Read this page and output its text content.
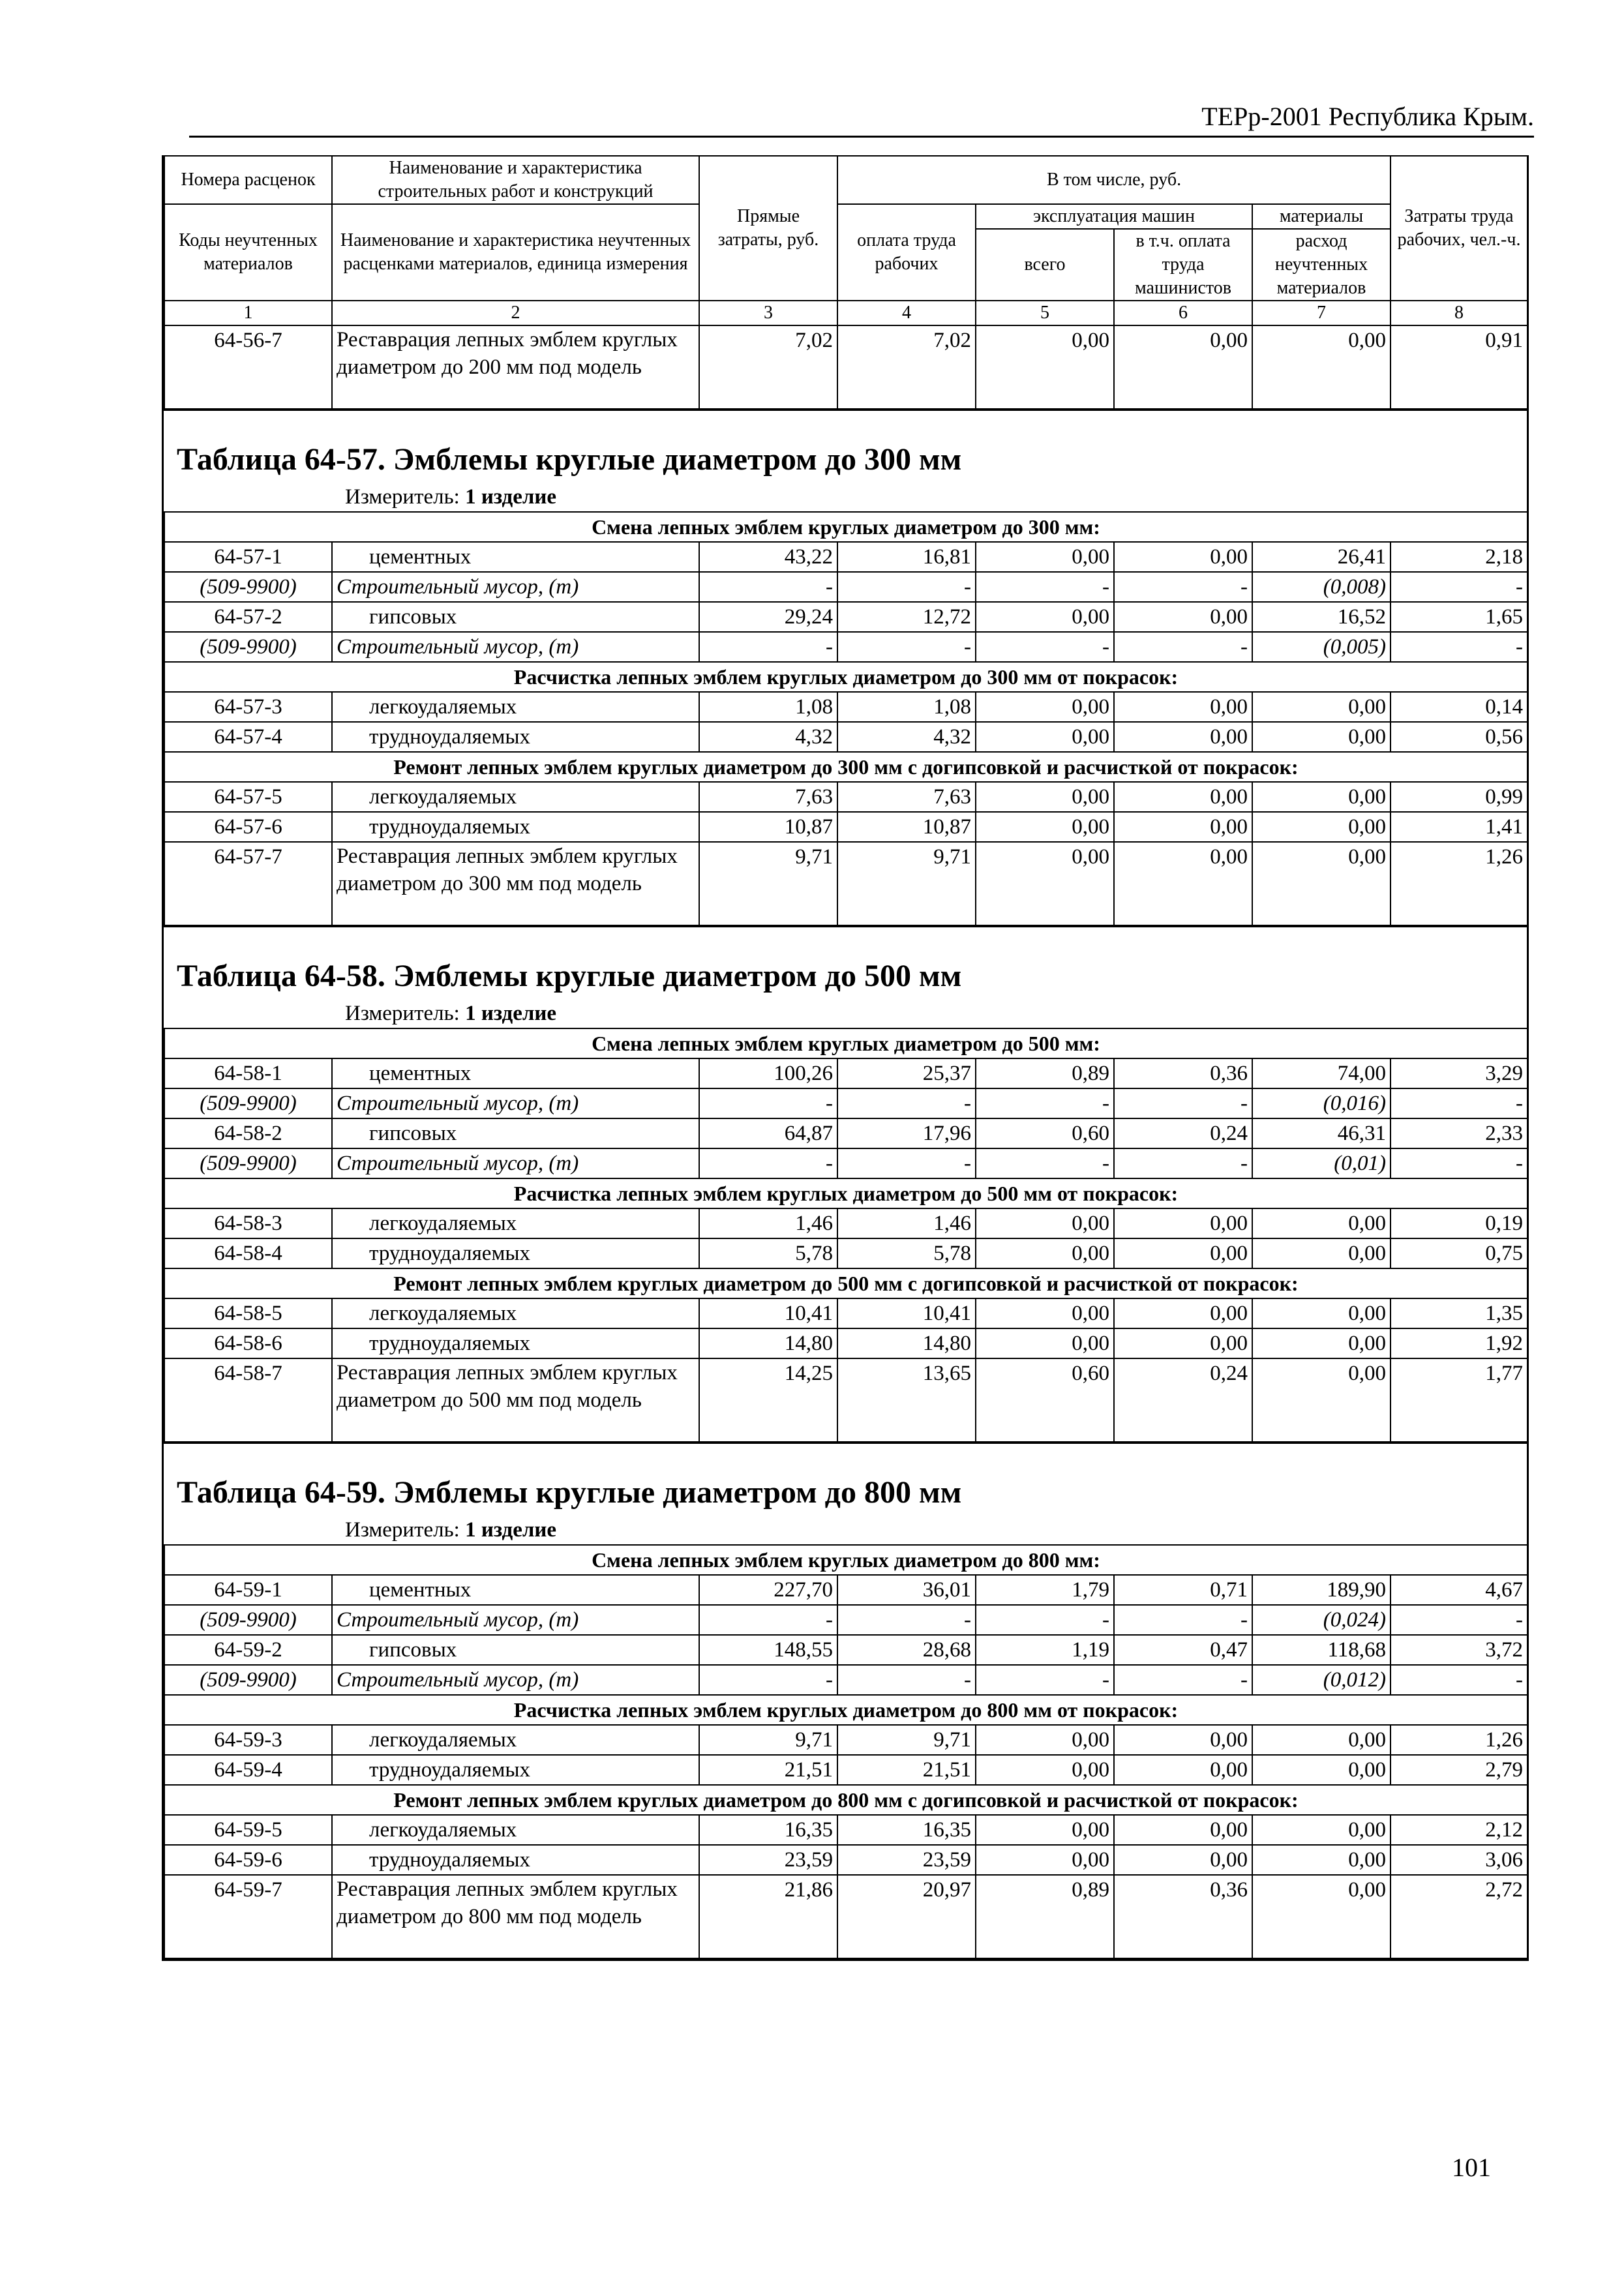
ТЕРр-2001 Республика Крым.
Номера расценок	Наименование и характеристика строительных работ и конструкций	Прямые затраты, руб.	В том числе, руб.				Затраты труда рабочих, чел.-ч.
Коды неучтенных материалов	Наименование и характеристика неучтенных расценками материалов, единица измерения		оплата труда рабочих	эксплуатация машин		материалы	
				всего	в т.ч. оплата труда машинистов	расход неучтенных материалов	
1	2	3	4	5	6	7	8
64-56-7	Реставрация лепных эмблем круглых диаметром до 200 мм под модель	7,02	7,02	0,00	0,00	0,00	0,91
Таблица 64-57. Эмблемы круглые диаметром до 300 мм
Измеритель: 1 изделие
Смена лепных эмблем круглых диаметром до 300 мм:							
64-57-1	цементных	43,22	16,81	0,00	0,00	26,41	2,18
(509-9900)	Строительный мусор, (т)	-	-	-	-	(0,008)	-
64-57-2	гипсовых	29,24	12,72	0,00	0,00	16,52	1,65
(509-9900)	Строительный мусор, (т)	-	-	-	-	(0,005)	-
Расчистка лепных эмблем круглых диаметром до 300 мм от покрасок:							
64-57-3	легкоудаляемых	1,08	1,08	0,00	0,00	0,00	0,14
64-57-4	трудноудаляемых	4,32	4,32	0,00	0,00	0,00	0,56
Ремонт лепных эмблем круглых диаметром до 300 мм с догипсовкой и расчисткой от покрасок:							
64-57-5	легкоудаляемых	7,63	7,63	0,00	0,00	0,00	0,99
64-57-6	трудноудаляемых	10,87	10,87	0,00	0,00	0,00	1,41
64-57-7	Реставрация лепных эмблем круглых диаметром до 300 мм под модель	9,71	9,71	0,00	0,00	0,00	1,26
Таблица 64-58. Эмблемы круглые диаметром до 500 мм
Измеритель: 1 изделие
Смена лепных эмблем круглых диаметром до 500 мм:							
64-58-1	цементных	100,26	25,37	0,89	0,36	74,00	3,29
(509-9900)	Строительный мусор, (т)	-	-	-	-	(0,016)	-
64-58-2	гипсовых	64,87	17,96	0,60	0,24	46,31	2,33
(509-9900)	Строительный мусор, (т)	-	-	-	-	(0,01)	-
Расчистка лепных эмблем круглых диаметром до 500 мм от покрасок:							
64-58-3	легкоудаляемых	1,46	1,46	0,00	0,00	0,00	0,19
64-58-4	трудноудаляемых	5,78	5,78	0,00	0,00	0,00	0,75
Ремонт лепных эмблем круглых диаметром до 500 мм с догипсовкой и расчисткой от покрасок:							
64-58-5	легкоудаляемых	10,41	10,41	0,00	0,00	0,00	1,35
64-58-6	трудноудаляемых	14,80	14,80	0,00	0,00	0,00	1,92
64-58-7	Реставрация лепных эмблем круглых диаметром до 500 мм под модель	14,25	13,65	0,60	0,24	0,00	1,77
Таблица 64-59. Эмблемы круглые диаметром до 800 мм
Измеритель: 1 изделие
Смена лепных эмблем круглых диаметром до 800 мм:							
64-59-1	цементных	227,70	36,01	1,79	0,71	189,90	4,67
(509-9900)	Строительный мусор, (т)	-	-	-	-	(0,024)	-
64-59-2	гипсовых	148,55	28,68	1,19	0,47	118,68	3,72
(509-9900)	Строительный мусор, (т)	-	-	-	-	(0,012)	-
Расчистка лепных эмблем круглых диаметром до 800 мм от покрасок:							
64-59-3	легкоудаляемых	9,71	9,71	0,00	0,00	0,00	1,26
64-59-4	трудноудаляемых	21,51	21,51	0,00	0,00	0,00	2,79
Ремонт лепных эмблем круглых диаметром до 800 мм с догипсовкой и расчисткой от покрасок:							
64-59-5	легкоудаляемых	16,35	16,35	0,00	0,00	0,00	2,12
64-59-6	трудноудаляемых	23,59	23,59	0,00	0,00	0,00	3,06
64-59-7	Реставрация лепных эмблем круглых диаметром до 800 мм под модель	21,86	20,97	0,89	0,36	0,00	2,72
101
